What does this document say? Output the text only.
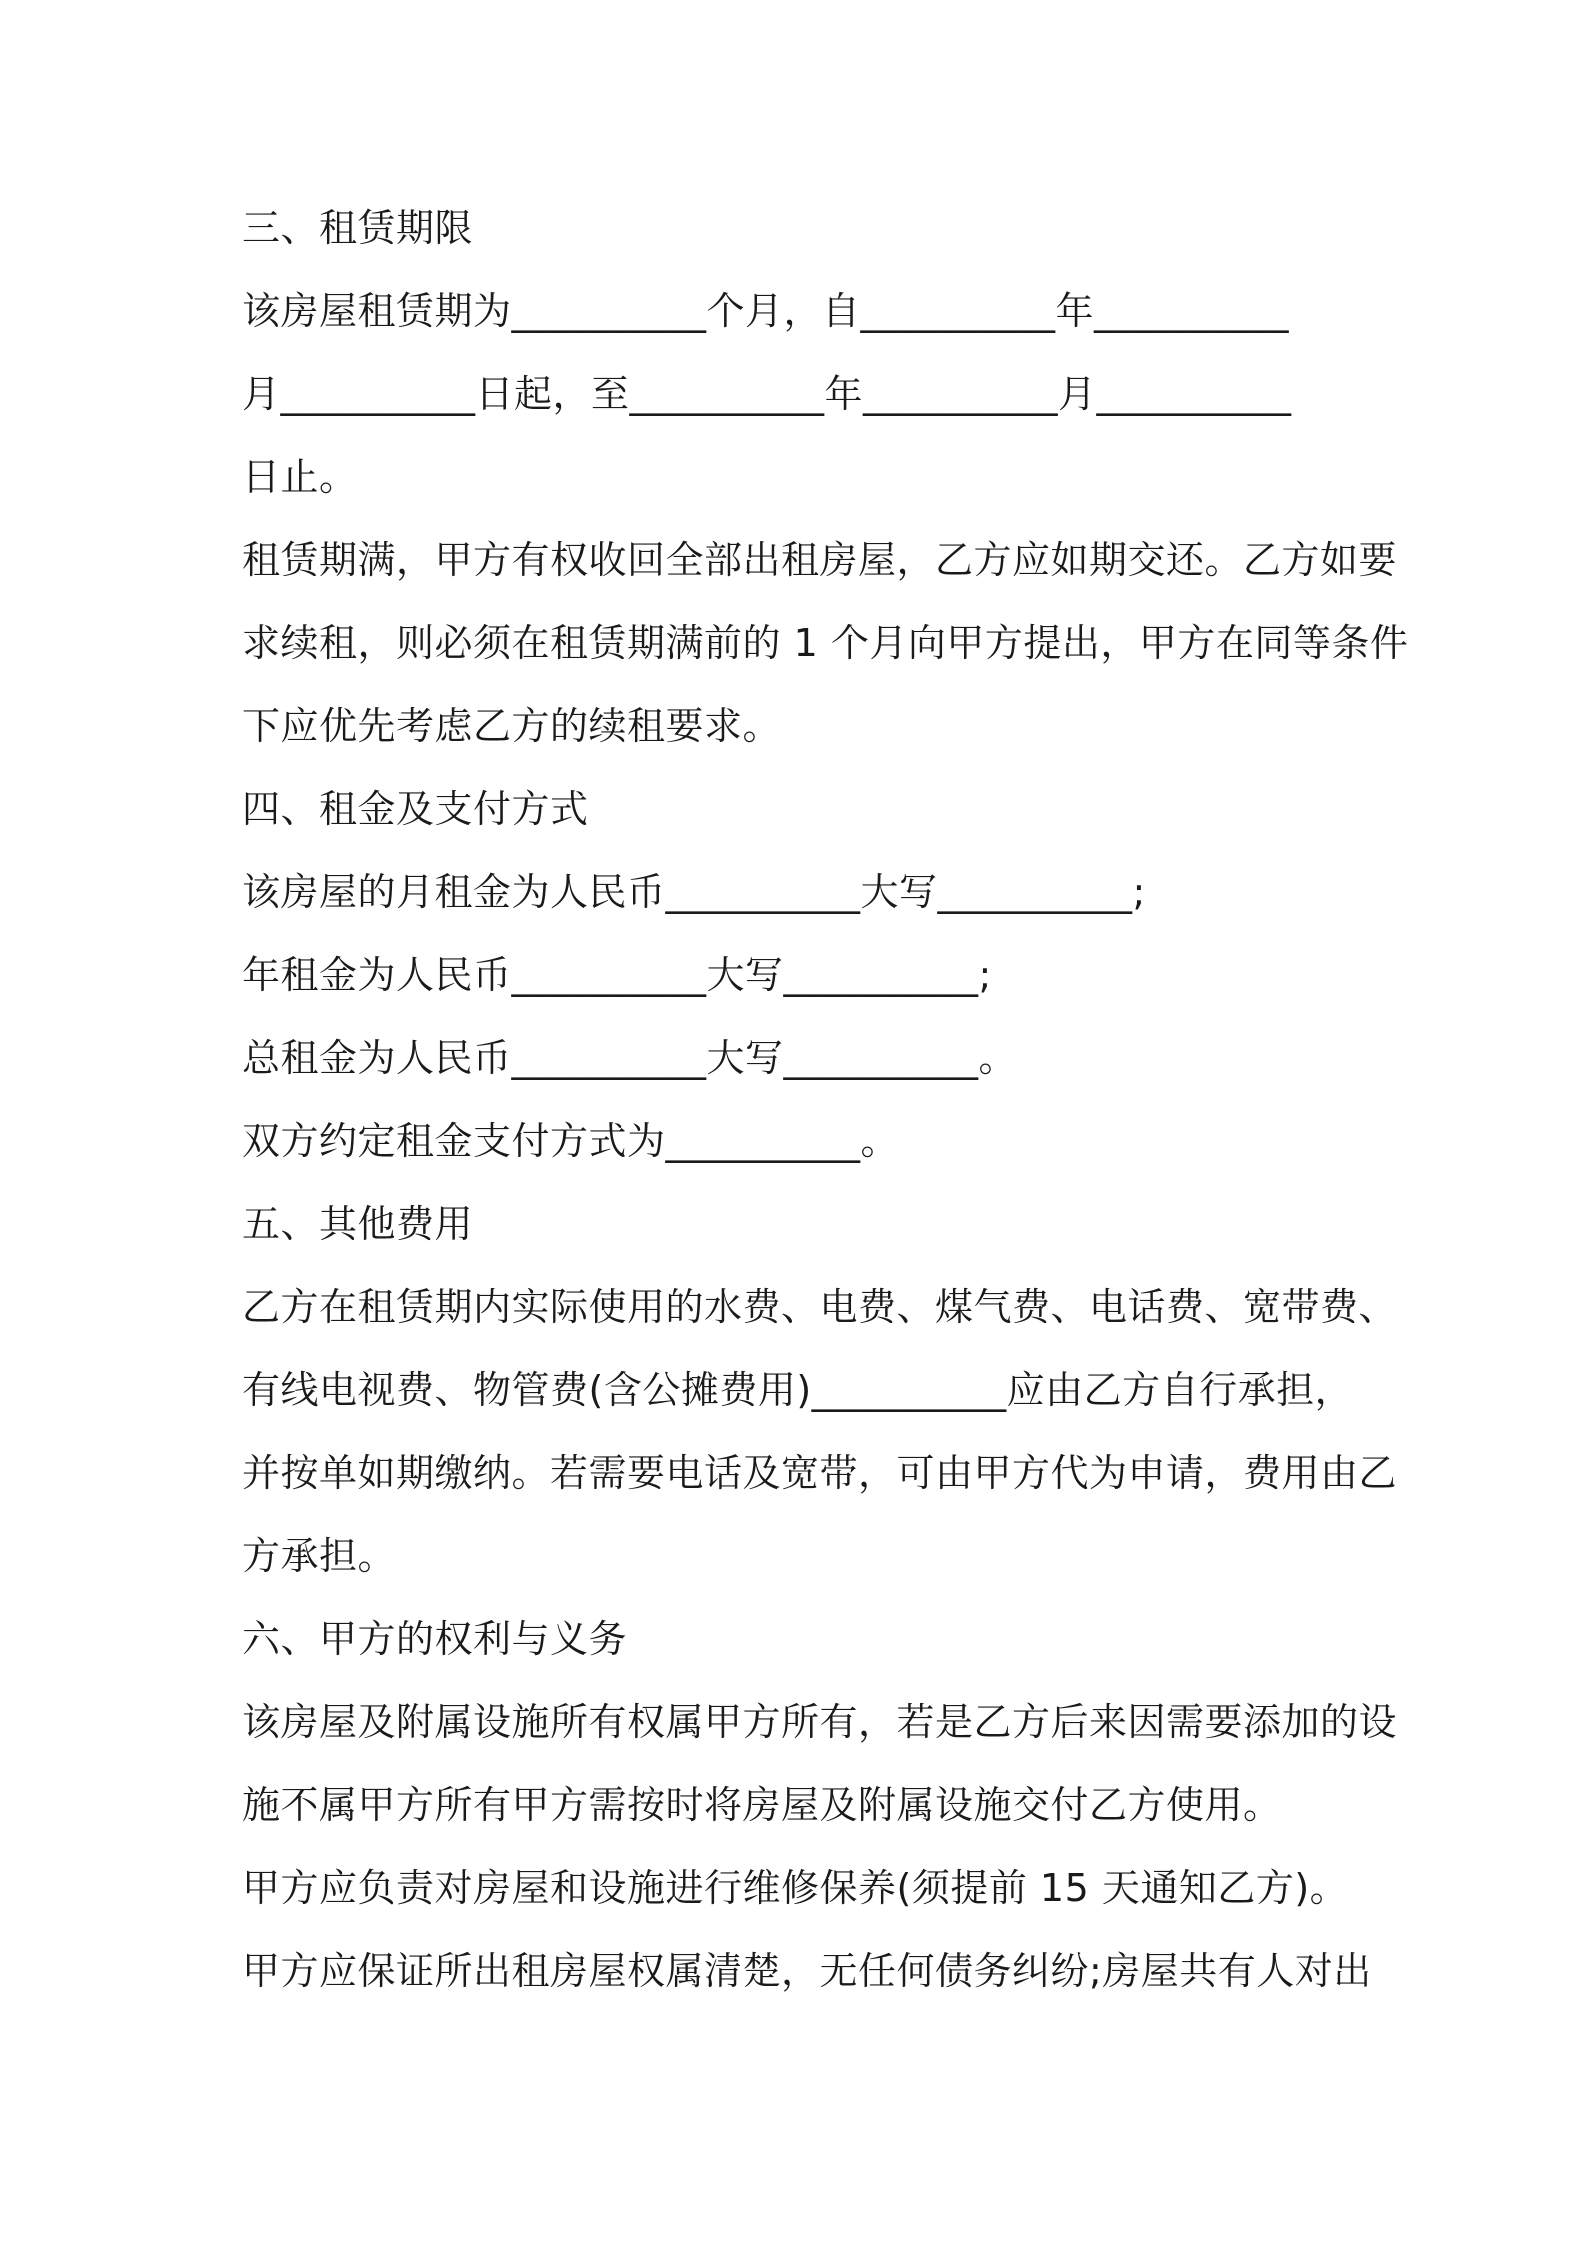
三、租赁期限
该房屋租赁期为__________个月，自__________年__________
月__________日起，至__________年__________月__________
日止。
租赁期满，甲方有权收回全部出租房屋，乙方应如期交还。乙方如要
求续租，则必须在租赁期满前的 1 个月向甲方提出，甲方在同等条件
下应优先考虑乙方的续租要求。
四、租金及支付方式
该房屋的月租金为人民币__________大写__________;
年租金为人民币__________大写__________;
总租金为人民币__________大写__________。
双方约定租金支付方式为__________。
五、其他费用
乙方在租赁期内实际使用的水费、电费、煤气费、电话费、宽带费、
有线电视费、物管费(含公摊费用)__________应由乙方自行承担，
并按单如期缴纳。若需要电话及宽带，可由甲方代为申请，费用由乙
方承担。
六、甲方的权利与义务
该房屋及附属设施所有权属甲方所有，若是乙方后来因需要添加的设
施不属甲方所有甲方需按时将房屋及附属设施交付乙方使用。
甲方应负责对房屋和设施进行维修保养(须提前 15 天通知乙方)。
甲方应保证所出租房屋权属清楚，无任何债务纠纷;房屋共有人对出
